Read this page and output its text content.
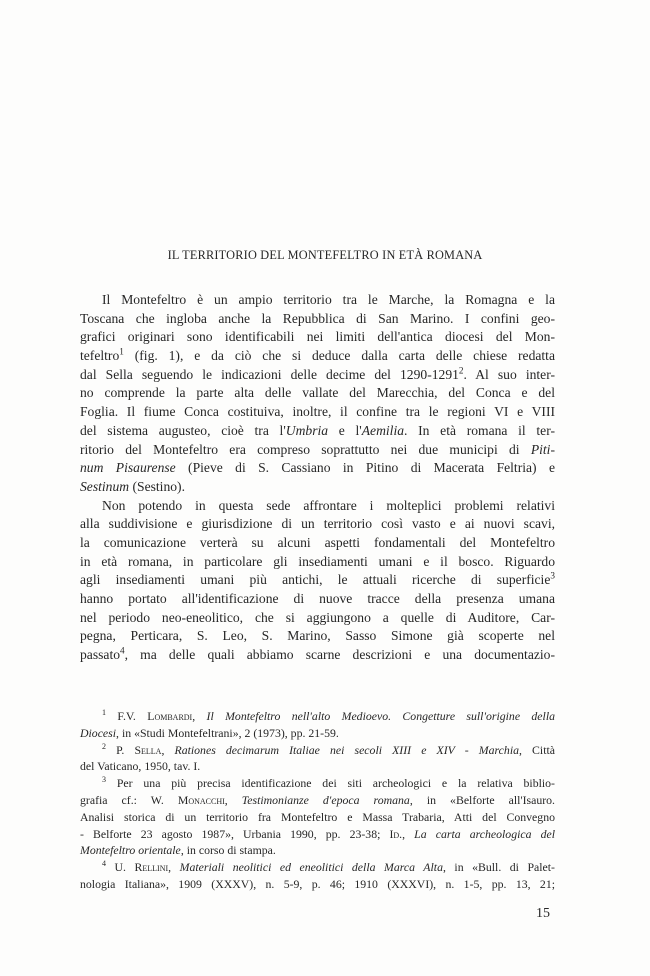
IL TERRITORIO DEL MONTEFELTRO IN ETÀ ROMANA
Il Montefeltro è un ampio territorio tra le Marche, la Romagna e la
Toscana che ingloba anche la Repubblica di San Marino. I confini geo-
grafici originari sono identificabili nei limiti dell'antica diocesi del Mon-
tefeltro$^1$ (fig. 1), e da ciò che si deduce dalla carta delle chiese redatta
dal Sella seguendo le indicazioni delle decime del 1290-1291$^2$. Al suo inter-
no comprende la parte alta delle vallate del Marecchia, del Conca e del
Foglia. Il fiume Conca costituiva, inoltre, il confine tra le regioni VI e VIII
del sistema augusteo, cioè tra l'Umbria e l'Aemilia. In età romana il ter-
ritorio del Montefeltro era compreso soprattutto nei due municipi di Piti-
num Pisaurense (Pieve di S. Cassiano in Pitino di Macerata Feltria) e
Sestinum (Sestino).
Non potendo in questa sede affrontare i molteplici problemi relativi
alla suddivisione e giurisdizione di un territorio così vasto e ai nuovi scavi,
la comunicazione verterà su alcuni aspetti fondamentali del Montefeltro
in età romana, in particolare gli insediamenti umani e il bosco. Riguardo
agli insediamenti umani più antichi, le attuali ricerche di superficie$^3$
hanno portato all'identificazione di nuove tracce della presenza umana
nel periodo neo-eneolitico, che si aggiungono a quelle di Auditore, Car-
pegna, Perticara, S. Leo, S. Marino, Sasso Simone già scoperte nel
passato$^4$, ma delle quali abbiamo scarne descrizioni e una documentazio-
$^1$ F.V. Lombardi, Il Montefeltro nell'alto Medioevo. Congetture sull'origine della
Diocesi, in «Studi Montefeltrani», 2 (1973), pp. 21-59.
$^2$ P. Sella, Rationes decimarum Italiae nei secoli XIII e XIV - Marchia, Città
del Vaticano, 1950, tav. I.
$^3$ Per una più precisa identificazione dei siti archeologici e la relativa biblio-
grafia cf.: W. Monacchi, Testimonianze d'epoca romana, in «Belforte all'Isauro.
Analisi storica di un territorio fra Montefeltro e Massa Trabaria, Atti del Convegno
- Belforte 23 agosto 1987», Urbania 1990, pp. 23-38; Id., La carta archeologica del
Montefeltro orientale, in corso di stampa.
$^4$ U. Rellini, Materiali neolitici ed eneolitici della Marca Alta, in «Bull. di Palet-
nologia Italiana», 1909 (XXXV), n. 5-9, p. 46; 1910 (XXXVI), n. 1-5, pp. 13, 21;
15
